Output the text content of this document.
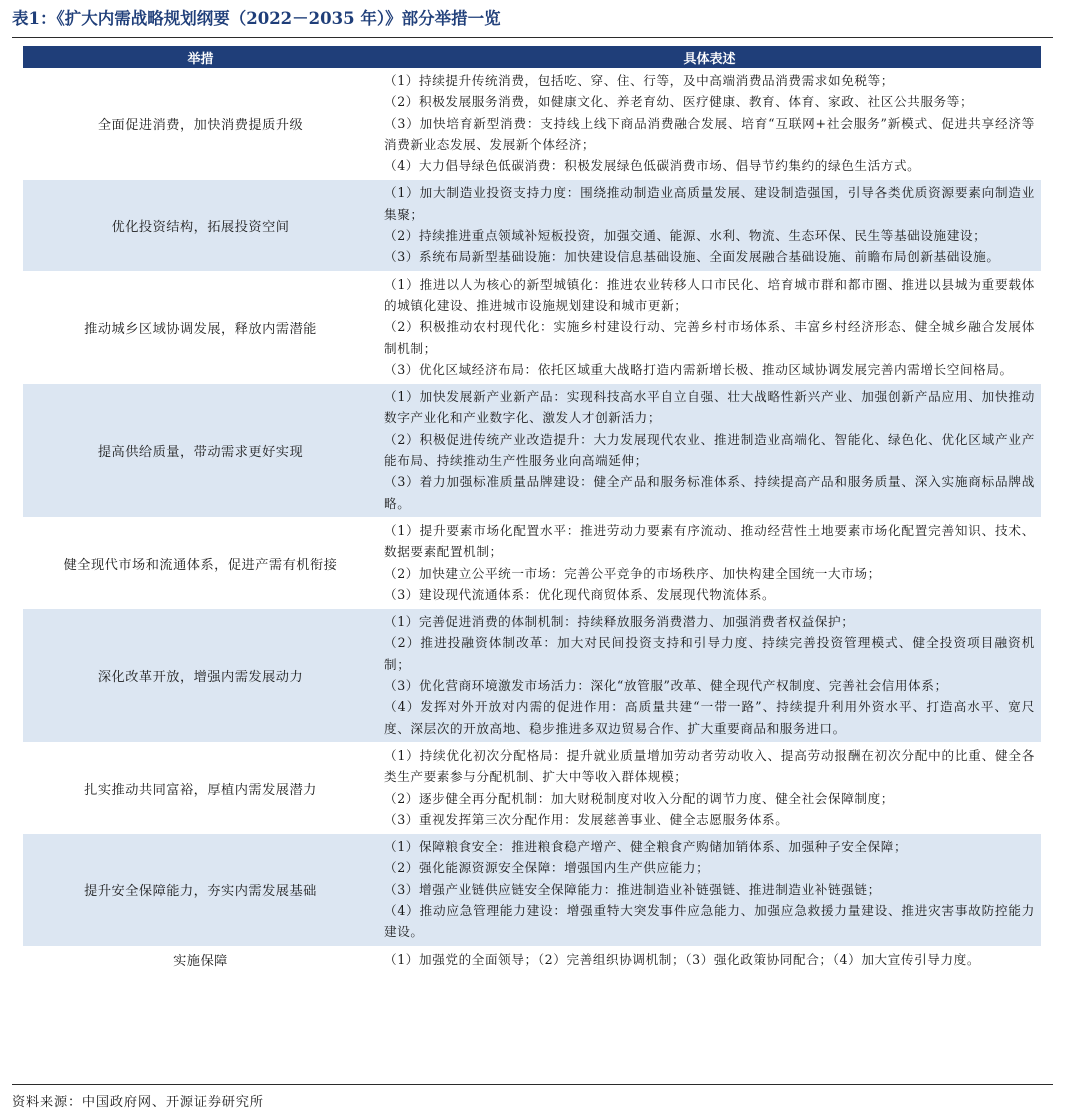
表1：《扩大内需战略规划纲要（2022－2035 年）》部分举措一览
举措	具体表述
全面促进消费，加快消费提质升级	（1）持续提升传统消费，包括吃、穿、住、行等，及中高端消费品消费需求如免税等；
（2）积极发展服务消费，如健康文化、养老育幼、医疗健康、教育、体育、家政、社区公共服务等；
（3）加快培育新型消费：支持线上线下商品消费融合发展、培育“互联网+社会服务”新模式、促进共享经济等消费新业态发展、发展新个体经济；
（4）大力倡导绿色低碳消费：积极发展绿色低碳消费市场、倡导节约集约的绿色生活方式。

优化投资结构，拓展投资空间	（1）加大制造业投资支持力度：围绕推动制造业高质量发展、建设制造强国，引导各类优质资源要素向制造业集聚；
（2）持续推进重点领域补短板投资，加强交通、能源、水利、物流、生态环保、民生等基础设施建设；
（3）系统布局新型基础设施：加快建设信息基础设施、全面发展融合基础设施、前瞻布局创新基础设施。

推动城乡区域协调发展，释放内需潜能	（1）推进以人为核心的新型城镇化：推进农业转移人口市民化、培育城市群和都市圈、推进以县城为重要载体的城镇化建设、推进城市设施规划建设和城市更新；
（2）积极推动农村现代化：实施乡村建设行动、完善乡村市场体系、丰富乡村经济形态、健全城乡融合发展体制机制；
（3）优化区域经济布局：依托区域重大战略打造内需新增长极、推动区域协调发展完善内需增长空间格局。

提高供给质量，带动需求更好实现	（1）加快发展新产业新产品：实现科技高水平自立自强、壮大战略性新兴产业、加强创新产品应用、加快推动数字产业化和产业数字化、激发人才创新活力；
（2）积极促进传统产业改造提升：大力发展现代农业、推进制造业高端化、智能化、绿色化、优化区域产业产能布局、持续推动生产性服务业向高端延伸；
（3）着力加强标准质量品牌建设：健全产品和服务标准体系、持续提高产品和服务质量、深入实施商标品牌战略。

健全现代市场和流通体系，促进产需有机衔接	（1）提升要素市场化配置水平：推进劳动力要素有序流动、推动经营性土地要素市场化配置完善知识、技术、数据要素配置机制；
（2）加快建立公平统一市场：完善公平竞争的市场秩序、加快构建全国统一大市场；
（3）建设现代流通体系：优化现代商贸体系、发展现代物流体系。

深化改革开放，增强内需发展动力	（1）完善促进消费的体制机制：持续释放服务消费潜力、加强消费者权益保护；
（2）推进投融资体制改革：加大对民间投资支持和引导力度、持续完善投资管理模式、健全投资项目融资机制；
（3）优化营商环境激发市场活力：深化“放管服”改革、健全现代产权制度、完善社会信用体系；
（4）发挥对外开放对内需的促进作用：高质量共建“一带一路”、持续提升利用外资水平、打造高水平、宽尺度、深层次的开放高地、稳步推进多双边贸易合作、扩大重要商品和服务进口。

扎实推动共同富裕，厚植内需发展潜力	（1）持续优化初次分配格局：提升就业质量增加劳动者劳动收入、提高劳动报酬在初次分配中的比重、健全各类生产要素参与分配机制、扩大中等收入群体规模；
（2）逐步健全再分配机制：加大财税制度对收入分配的调节力度、健全社会保障制度；
（3）重视发挥第三次分配作用：发展慈善事业、健全志愿服务体系。

提升安全保障能力，夯实内需发展基础	（1）保障粮食安全：推进粮食稳产增产、健全粮食产购储加销体系、加强种子安全保障；
（2）强化能源资源安全保障：增强国内生产供应能力；
（3）增强产业链供应链安全保障能力：推进制造业补链强链、推进制造业补链强链；
（4）推动应急管理能力建设：增强重特大突发事件应急能力、加强应急救援力量建设、推进灾害事故防控能力建设。

实施保障	（1）加强党的全面领导；（2）完善组织协调机制；（3）强化政策协同配合；（4）加大宣传引导力度。
资料来源：中国政府网、开源证券研究所
